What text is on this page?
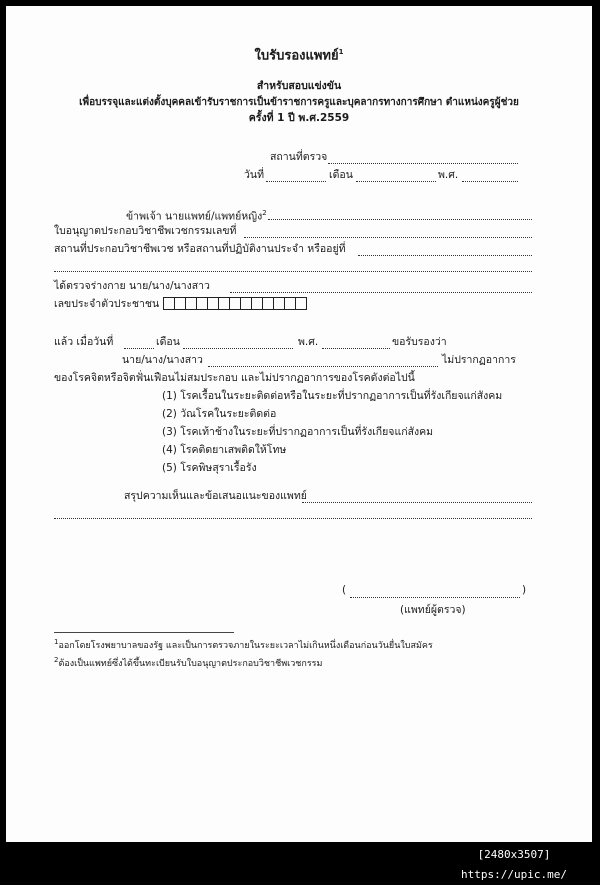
ใบรับรองแพทย์$^1$
สำหรับสอบแข่งขัน
เพื่อบรรจุและแต่งตั้งบุคคลเข้ารับราชการเป็นข้าราชการครูและบุคลากรทางการศึกษา ตำแหน่งครูผู้ช่วย
ครั้งที่ 1 ปี พ.ศ.2559
สถานที่ตรวจ
วันที่	เดือน	พ.ศ.
ข้าพเจ้า นายแพทย์/แพทย์หญิง$^2$
ใบอนุญาตประกอบวิชาชีพเวชกรรมเลขที่
สถานที่ประกอบวิชาชีพเวช หรือสถานที่ปฏิบัติงานประจำ หรืออยู่ที่
ได้ตรวจร่างกาย นาย/นาง/นางสาว
เลขประจำตัวประชาชน
แล้ว เมื่อวันที่	เดือน	พ.ศ.	ขอรับรองว่า
นาย/นาง/นางสาว	ไม่ปรากฏอาการ
ของโรคจิตหรือจิตฟั่นเฟือนไม่สมประกอบ และไม่ปรากฏอาการของโรคดังต่อไปนี้
(1) โรคเรื้อนในระยะติดต่อหรือในระยะที่ปรากฏอาการเป็นที่รังเกียจแก่สังคม
(2) วัณโรคในระยะติดต่อ
(3) โรคเท้าช้างในระยะที่ปรากฏอาการเป็นที่รังเกียจแก่สังคม
(4) โรคติดยาเสพติดให้โทษ
(5) โรคพิษสุราเรื้อรัง
สรุปความเห็นและข้อเสนอแนะของแพทย์
(	)
(แพทย์ผู้ตรวจ)
$^1$ออกโดยโรงพยาบาลของรัฐ และเป็นการตรวจภายในระยะเวลาไม่เกินหนึ่งเดือนก่อนวันยื่นใบสมัคร
$^2$ต้องเป็นแพทย์ซึ่งได้ขึ้นทะเบียนรับใบอนุญาตประกอบวิชาชีพเวชกรรม
[2480x3507] https://upic.me/
